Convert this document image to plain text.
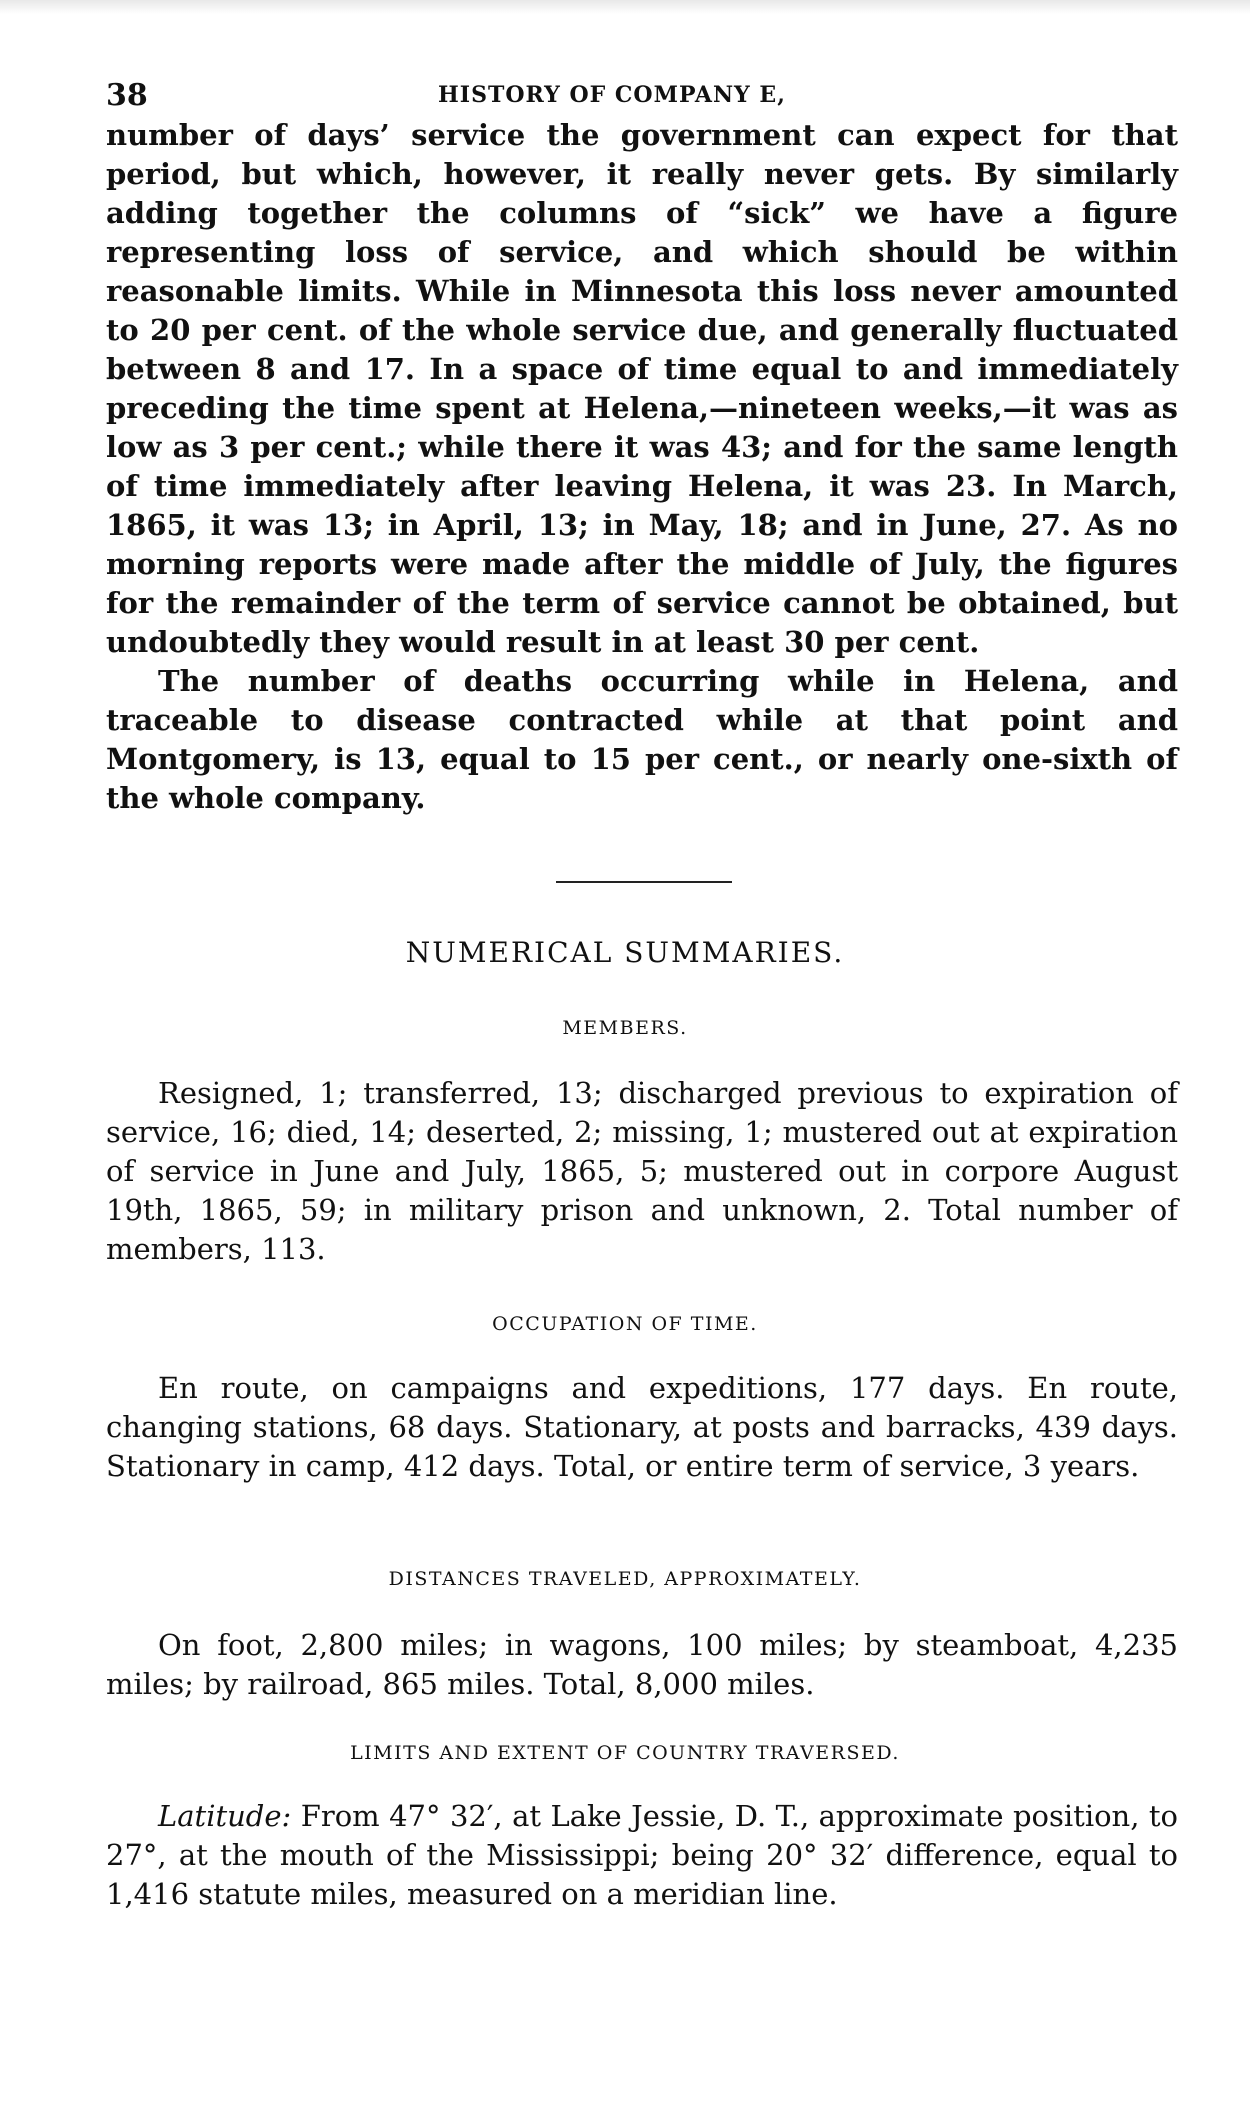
38	HISTORY OF COMPANY E,

number of days’ service the government can expect for that period, but which, however, it really never gets. By similarly adding together the columns of “sick” we have a figure representing loss of service, and which should be within reasonable limits. While in Minnesota this loss never amounted to 20 per cent. of the whole service due, and generally fluctuated between 8 and 17. In a space of time equal to and immediately preceding the time spent at Helena,—nineteen weeks,—it was as low as 3 per cent.; while there it was 43; and for the same length of time immediately after leaving Helena, it was 23. In March, 1865, it was 13; in April, 13; in May, 18; and in June, 27. As no morning reports were made after the middle of July, the figures for the remainder of the term of service cannot be obtained, but undoubtedly they would result in at least 30 per cent.

The number of deaths occurring while in Helena, and traceable to disease contracted while at that point and Montgomery, is 13, equal to 15 per cent., or nearly one-sixth of the whole company.

NUMERICAL SUMMARIES.
MEMBERS.

Resigned, 1; transferred, 13; discharged previous to expiration of service, 16; died, 14; deserted, 2; missing, 1; mustered out at expiration of service in June and July, 1865, 5; mustered out in corpore August 19th, 1865, 59; in military prison and unknown, 2. Total number of members, 113.

OCCUPATION OF TIME.

En route, on campaigns and expeditions, 177 days. En route, changing stations, 68 days. Stationary, at posts and barracks, 439 days. Stationary in camp, 412 days. Total, or entire term of service, 3 years.

DISTANCES TRAVELED, APPROXIMATELY.

On foot, 2,800 miles; in wagons, 100 miles; by steamboat, 4,235 miles; by railroad, 865 miles. Total, 8,000 miles.

LIMITS AND EXTENT OF COUNTRY TRAVERSED.

Latitude: From 47° 32′, at Lake Jessie, D. T., approximate position, to 27°, at the mouth of the Mississippi; being 20° 32′ difference, equal to 1,416 statute miles, measured on a meridian line.
